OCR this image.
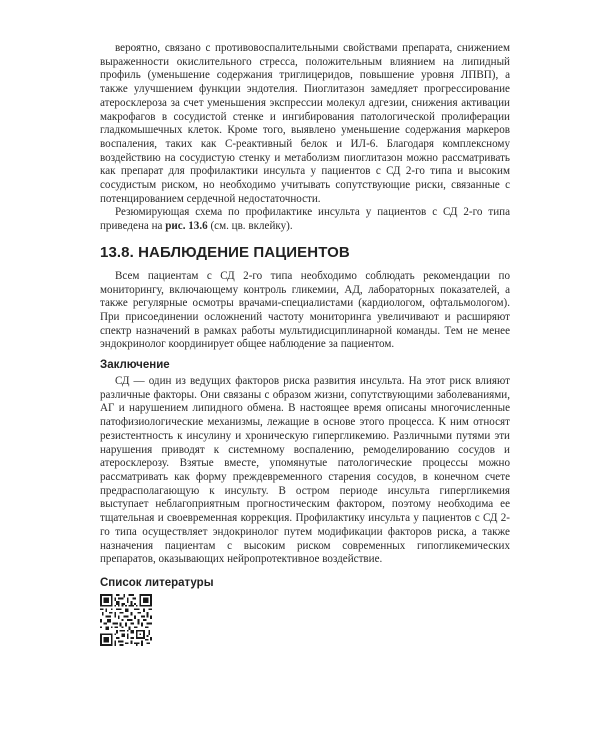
вероятно, связано с противовоспалительными свойствами препарата, снижением выраженности окислительного стресса, положительным влиянием на липидный профиль (уменьшение содержания триглицеридов, повышение уровня ЛПВП), а также улучшением функции эндотелия. Пиоглитазон замедляет прогрессирование атеросклероза за счет уменьшения экспрессии молекул адгезии, снижения активации макрофагов в сосудистой стенке и ингибирования патологической пролиферации гладкомышечных клеток. Кроме того, выявлено уменьшение содержания маркеров воспаления, таких как С-реактивный белок и ИЛ-6. Благодаря комплексному воздействию на сосудистую стенку и метаболизм пиоглитазон можно рассматривать как препарат для профилактики инсульта у пациентов с СД 2-го типа и высоким сосудистым риском, но необходимо учитывать сопутствующие риски, связанные с потенцированием сердечной недостаточности.

Резюмирующая схема по профилактике инсульта у пациентов с СД 2-го типа приведена на рис. 13.6 (см. цв. вклейку).

13.8. НАБЛЮДЕНИЕ ПАЦИЕНТОВ

Всем пациентам с СД 2-го типа необходимо соблюдать рекомендации по мониторингу, включающему контроль гликемии, АД, лабораторных показателей, а также регулярные осмотры врачами-специалистами (кардиологом, офтальмологом). При присоединении осложнений частоту мониторинга увеличивают и расширяют спектр назначений в рамках работы мультидисциплинарной команды. Тем не менее эндокринолог координирует общее наблюдение за пациентом.

Заключение

СД — один из ведущих факторов риска развития инсульта. На этот риск влияют различные факторы. Они связаны с образом жизни, сопутствующими заболеваниями, АГ и нарушением липидного обмена. В настоящее время описаны многочисленные патофизиологические механизмы, лежащие в основе этого процесса. К ним относят резистентность к инсулину и хроническую гипергликемию. Различными путями эти нарушения приводят к системному воспалению, ремоделированию сосудов и атеросклерозу. Взятые вместе, упомянутые патологические процессы можно рассматривать как форму преждевременного старения сосудов, в конечном счете предрасполагающую к инсульту. В остром периоде инсульта гипергликемия выступает неблагоприятным прогностическим фактором, поэтому необходима ее тщательная и своевременная коррекция. Профилактику инсульта у пациентов с СД 2-го типа осуществляет эндокринолог путем модификации факторов риска, а также назначения пациентам с высоким риском современных гипогликемических препаратов, оказывающих нейропротективное воздействие.

Список литературы
